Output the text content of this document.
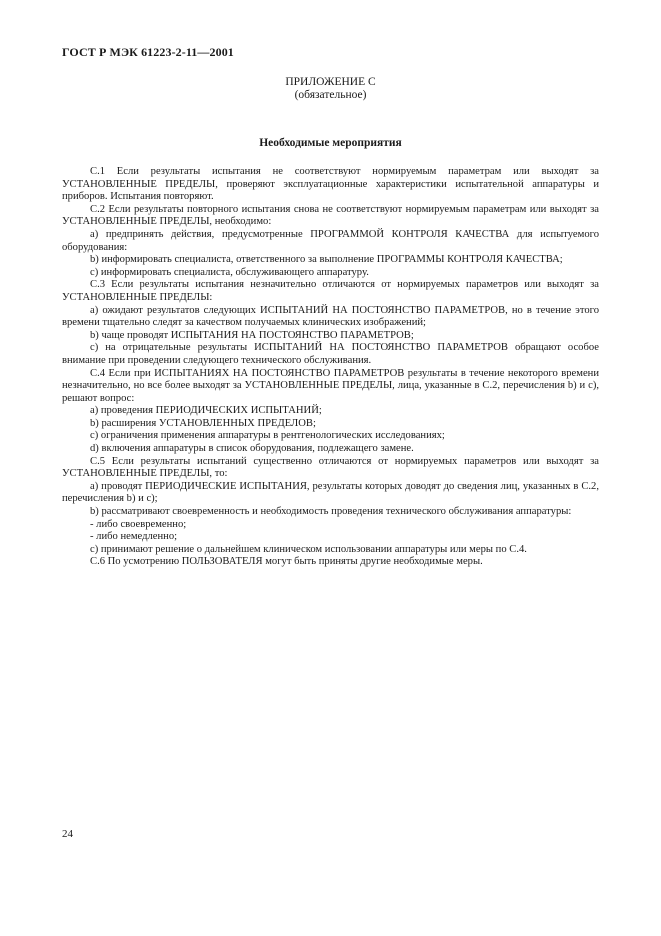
ГОСТ Р МЭК 61223-2-11—2001
ПРИЛОЖЕНИЕ С
(обязательное)
Необходимые мероприятия

С.1 Если результаты испытания не соответствуют нормируемым параметрам или выходят за УСТАНОВЛЕННЫЕ ПРЕДЕЛЫ, проверяют эксплуатационные характеристики испытательной аппаратуры и приборов. Испытания повторяют.

С.2 Если результаты повторного испытания снова не соответствуют нормируемым параметрам или выходят за УСТАНОВЛЕННЫЕ ПРЕДЕЛЫ, необходимо:

а) предпринять действия, предусмотренные ПРОГРАММОЙ КОНТРОЛЯ КАЧЕСТВА для испытуемого оборудования:

b) информировать специалиста, ответственного за выполнение ПРОГРАММЫ КОНТРОЛЯ КАЧЕСТВА;

с) информировать специалиста, обслуживающего аппаратуру.

С.3 Если результаты испытания незначительно отличаются от нормируемых параметров или выходят за УСТАНОВЛЕННЫЕ ПРЕДЕЛЫ:

а) ожидают результатов следующих ИСПЫТАНИЙ НА ПОСТОЯНСТВО ПАРАМЕТРОВ, но в течение этого времени тщательно следят за качеством получаемых клинических изображений;

b) чаще проводят ИСПЫТАНИЯ НА ПОСТОЯНСТВО ПАРАМЕТРОВ;

с) на отрицательные результаты ИСПЫТАНИЙ НА ПОСТОЯНСТВО ПАРАМЕТРОВ обращают особое внимание при проведении следующего технического обслуживания.

С.4 Если при ИСПЫТАНИЯХ НА ПОСТОЯНСТВО ПАРАМЕТРОВ результаты в течение некоторого времени незначительно, но все более выходят за УСТАНОВЛЕННЫЕ ПРЕДЕЛЫ, лица, указанные в С.2, перечисления b) и с), решают вопрос:

а) проведения ПЕРИОДИЧЕСКИХ ИСПЫТАНИЙ;

b) расширения УСТАНОВЛЕННЫХ ПРЕДЕЛОВ;

с) ограничения применения аппаратуры в рентгенологических исследованиях;

d) включения аппаратуры в список оборудования, подлежащего замене.

С.5 Если результаты испытаний существенно отличаются от нормируемых параметров или выходят за УСТАНОВЛЕННЫЕ ПРЕДЕЛЫ, то:

а) проводят ПЕРИОДИЧЕСКИЕ ИСПЫТАНИЯ, результаты которых доводят до сведения лиц, указанных в С.2, перечисления b) и с);

b) рассматривают своевременность и необходимость проведения технического обслуживания аппаратуры:

- либо своевременно;

- либо немедленно;

с) принимают решение о дальнейшем клиническом использовании аппаратуры или меры по С.4.

С.6 По усмотрению ПОЛЬЗОВАТЕЛЯ могут быть приняты другие необходимые меры.

24
